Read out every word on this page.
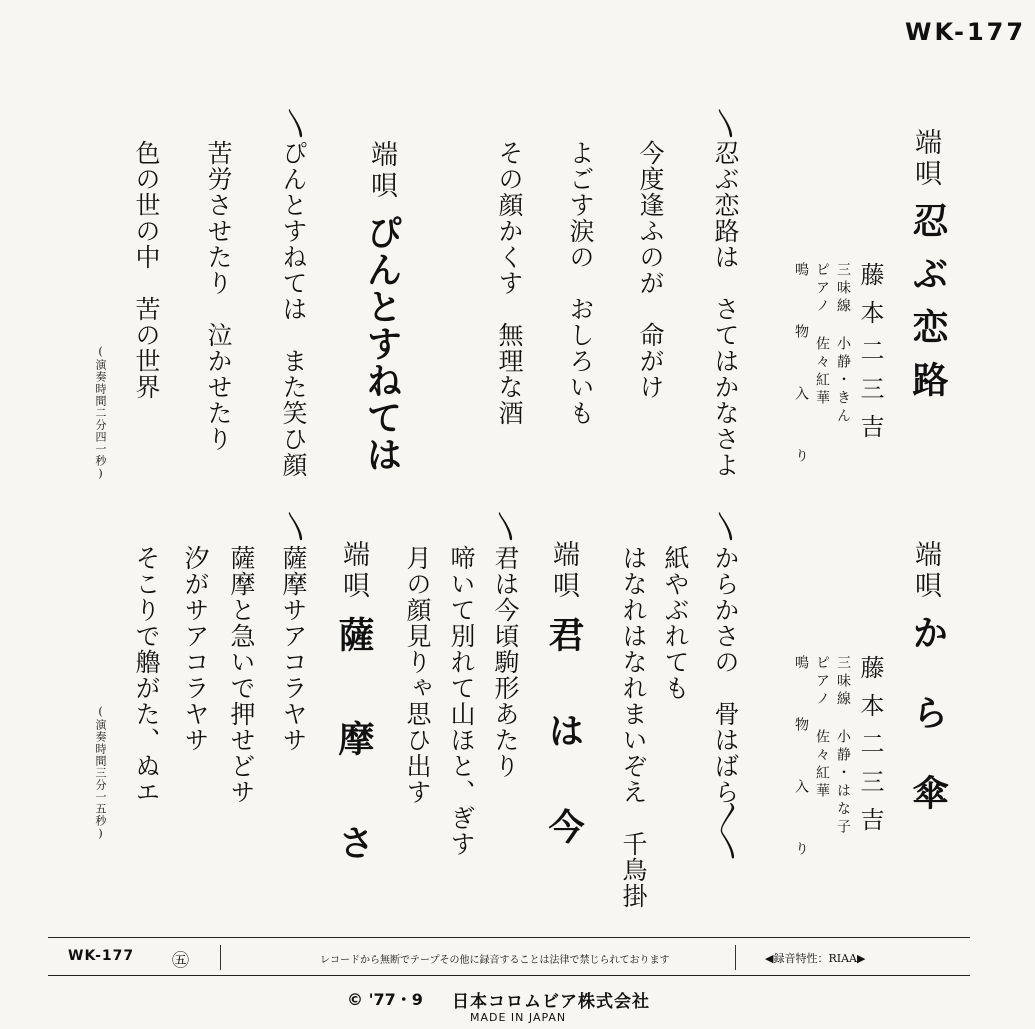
WK-177
端唄
忍ぶ恋路
藤本二三吉
三味線 小静・きん
ピアノ 佐々紅華
鳴 物 入 り
〵
忍ぶ恋路は　さてはかなさよ
今度逢ふのが　命がけ
よごす涙の　おしろいも
その顔かくす　無理な酒
端唄
から傘
藤本二三吉
三味線 小静・はな子
ピアノ 佐々紅華
鳴 物 入 り
〵
からかさの　骨はばら
〱
紙やぶれても
はなれはなれまいぞえ　千鳥掛
端唄
君は今
〵
君は今頃駒形あたり
啼いて別れて山ほと、ぎす
月の顔見りゃ思ひ出す
端唄
ぴんとすねては
〵
ぴんとすねては　また笑ひ顔
苦労させたり　泣かせたり
色の世の中　苦の世界
(演奏時間二分四一秒)
端唄
薩摩さ
〵
薩摩サアコラヤサ
薩摩と急いで押せどサ
汐がサアコラヤサ
そこりで艪がた、ぬエ
(演奏時間三分一五秒)
WK-177 ㊄	レコードから無断でテープその他に録音することは法律で禁じられております	◀録音特性：RIAA▶
© '77・9 日本コロムビア株式会社
MADE IN JAPAN
